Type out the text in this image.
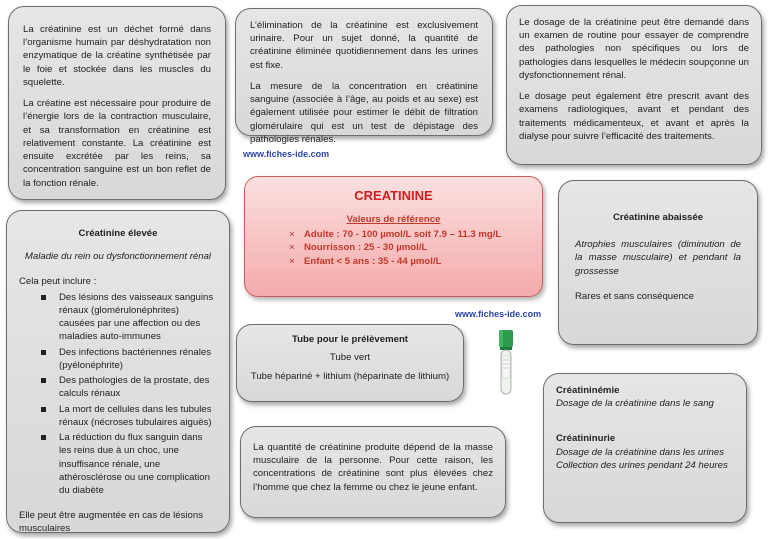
La créatinine est un déchet formé dans l’organisme humain par déshydratation non enzymatique de la créatine synthétisée par le foie et stockée dans les muscles du squelette.

La créatine est nécessaire pour produire de l’énergie lors de la contraction musculaire, et sa transformation en créatinine est relativement constante. La créatinine est ensuite excrétée par les reins, sa concentration sanguine est un bon reflet de la fonction rénale.

L’élimination de la créatinine est exclusivement urinaire. Pour un sujet donné, la quantité de créatinine éliminée quotidiennement dans les urines est fixe.

La mesure de la concentration en créatinine sanguine (associée à l’âge, au poids et au sexe) est également utilisée pour estimer le débit de filtration glomérulaire qui est un test de dépistage des pathologies rénales.

Le dosage de la créatinine peut être demandé dans un examen de routine pour essayer de comprendre des pathologies non spécifiques ou lors de pathologies dans lesquelles le médecin soupçonne un dysfonctionnement rénal.

Le dosage peut également être prescrit avant des examens radiologiques, avant et pendant des traitements médicamenteux, et avant et après la dialyse pour suivre l’efficacité des traitements.

www.fiches-ide.com
CREATININE
Valeurs de référence
× Adulte : 70 - 100 µmol/L soit 7.9 – 11.3 mg/L
× Nourrisson : 25 - 30 µmol/L
× Enfant < 5 ans : 35 - 44 µmol/L
Créatinine élevée

Maladie du rein ou dysfonctionnement rénal

Cela peut inclure :

Des lésions des vaisseaux sanguins rénaux (glomérulonéphrites) causées par une affection ou des maladies auto-immunes
Des infections bactériennes rénales (pyélonéphrite)
Des pathologies de la prostate, des calculs rénaux
La mort de cellules dans les tubules rénaux (nécroses tubulaires aiguës)
La réduction du flux sanguin dans les reins due à un choc, une insuffisance rénale, une athérosclérose ou une complication du diabète

Elle peut être augmentée en cas de lésions musculaires

Créatinine abaissée

Atrophies musculaires (diminution de la masse musculaire) et pendant la grossesse

Rares et sans conséquence

www.fiches-ide.com
Tube pour le prélèvement

Tube vert

Tube hépariné + lithium (héparinate de lithium)

La quantité de créatinine produite dépend de la masse musculaire de la personne. Pour cette raison, les concentrations de créatinine sont plus élevées chez l’homme que chez la femme ou chez le jeune enfant.

Créatininémie
Dosage de la créatinine dans le sang
Créatininurie
Dosage de la créatinine dans les urines
Collection des urines pendant 24 heures
